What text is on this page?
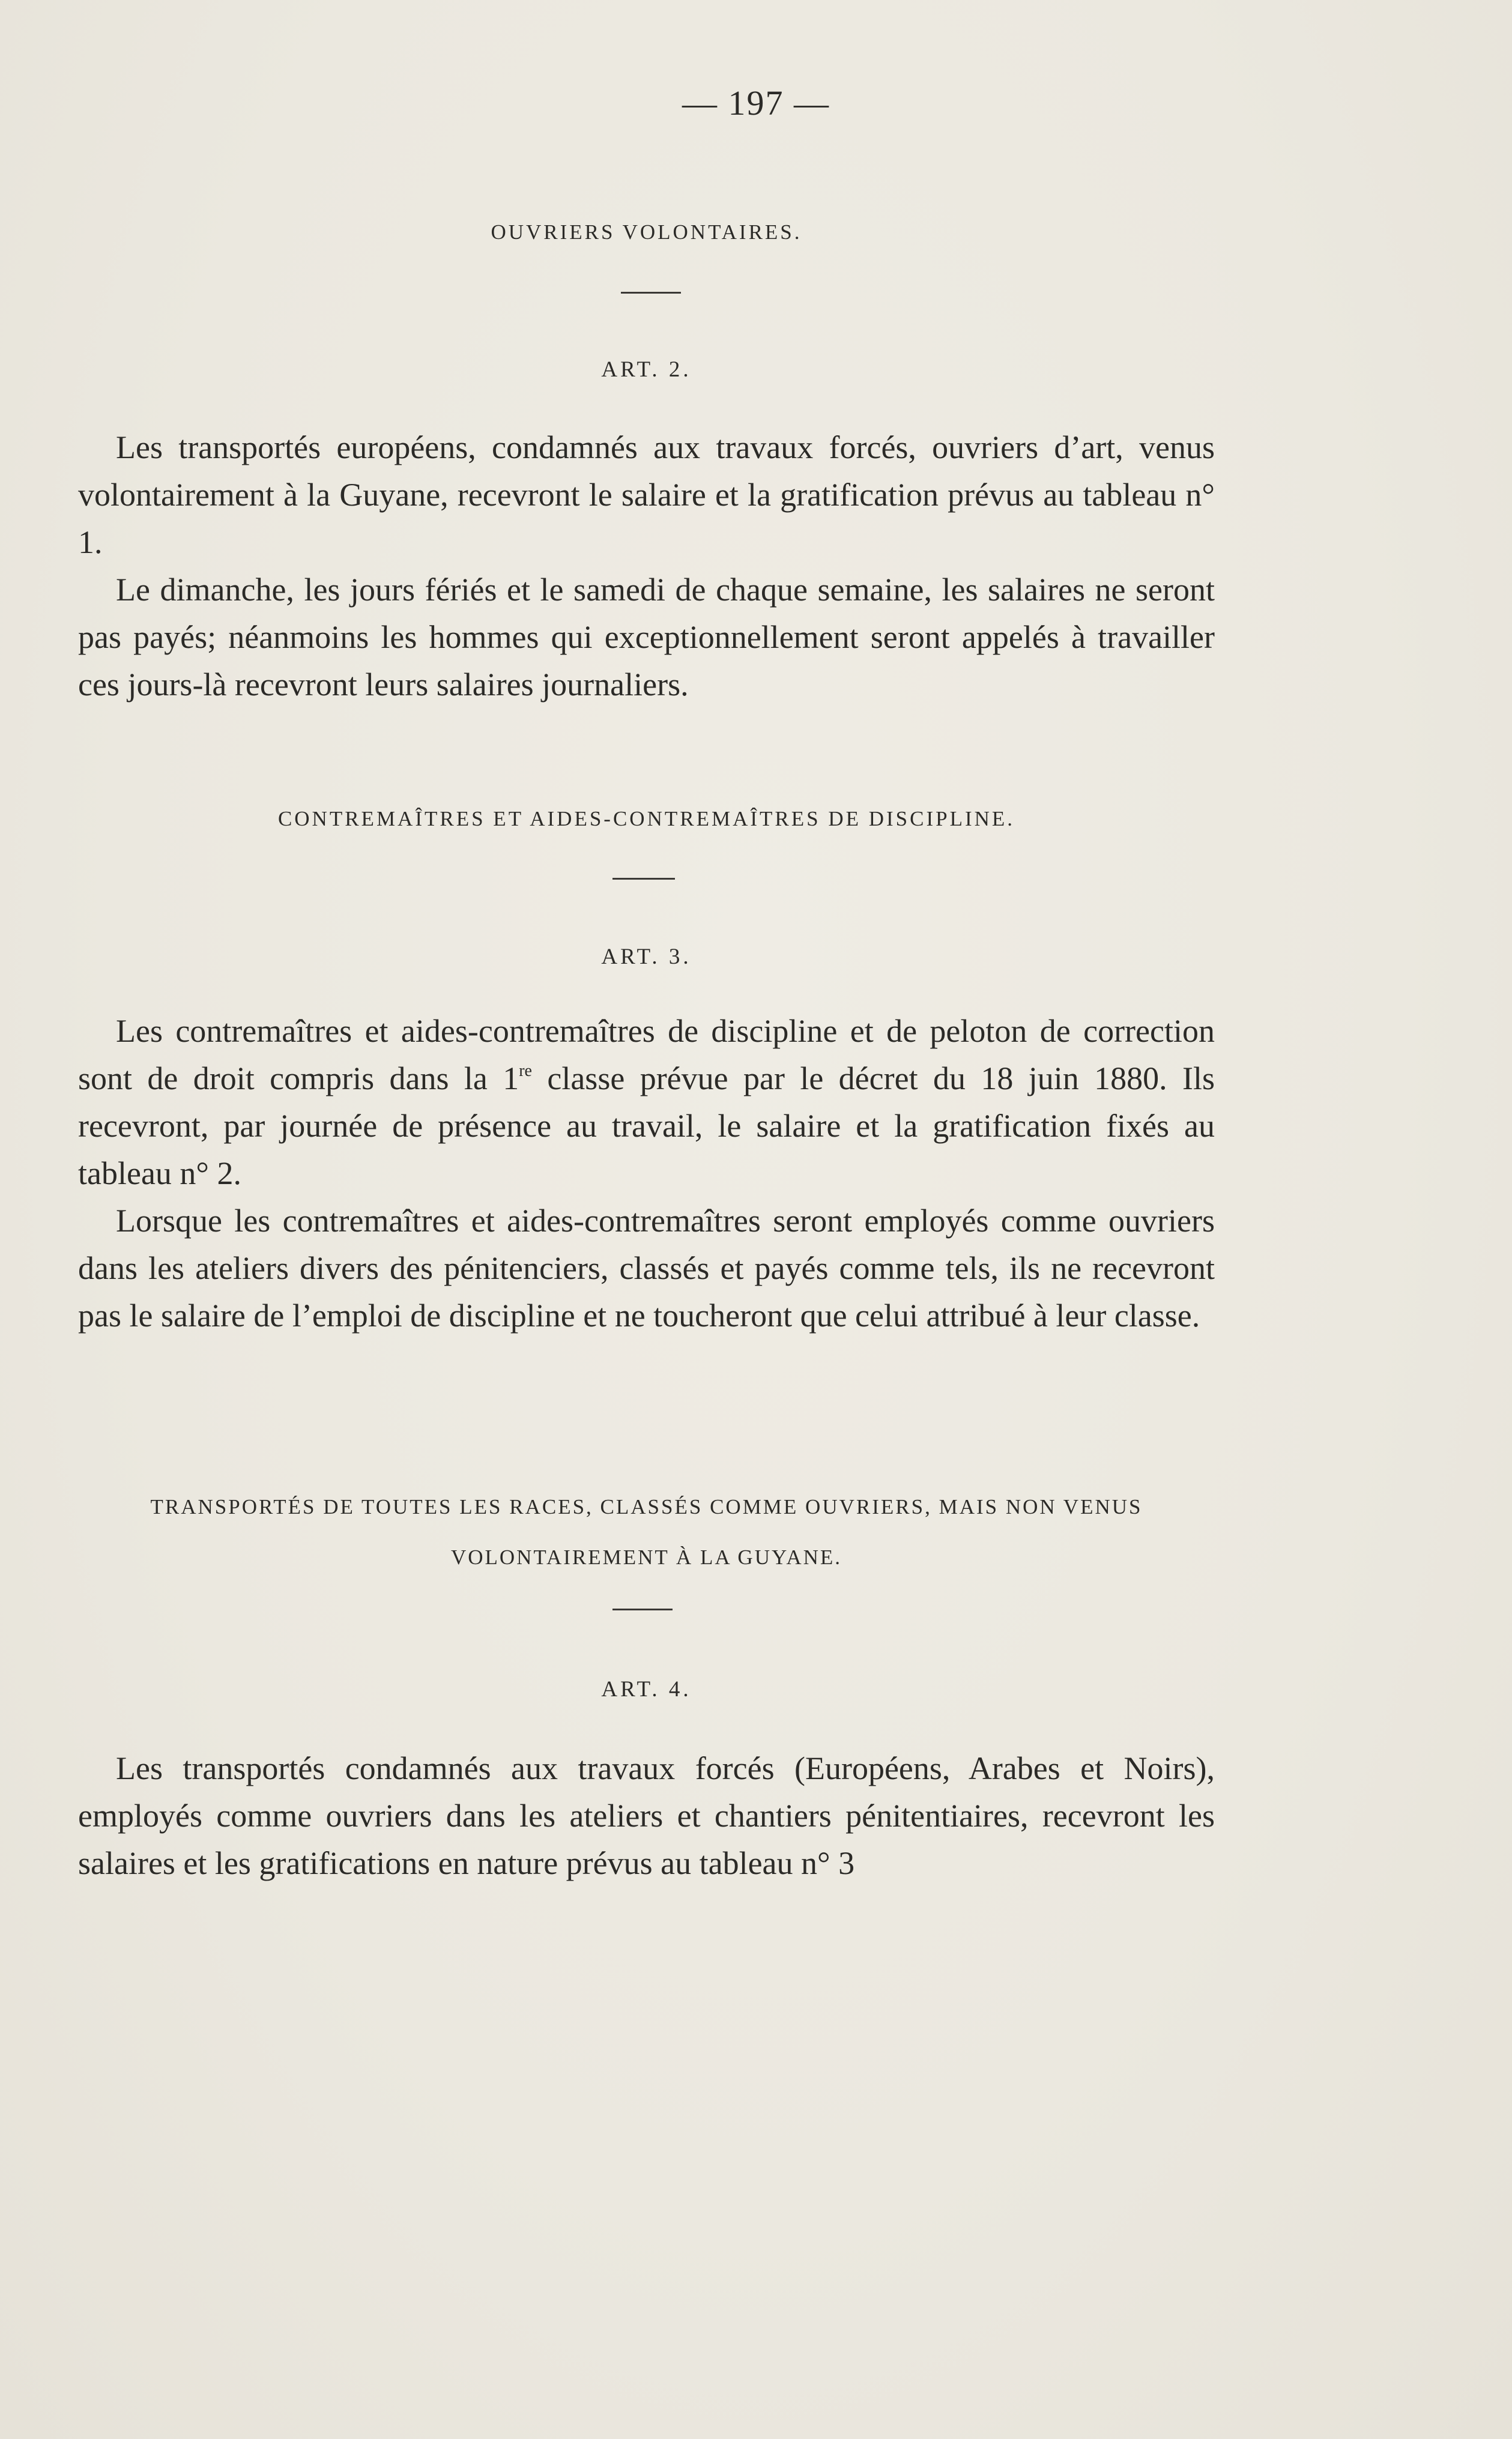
— 197 —
OUVRIERS VOLONTAIRES.
ART. 2.

Les transportés européens, condamnés aux travaux forcés, ouvriers d’art, venus volontairement à la Guyane, recevront le salaire et la gratification prévus au tableau n° 1.

Le dimanche, les jours fériés et le samedi de chaque semaine, les salaires ne seront pas payés; néanmoins les hommes qui exceptionnellement seront appelés à travailler ces jours-là recevront leurs salaires journaliers.

CONTREMAÎTRES ET AIDES-CONTREMAÎTRES DE DISCIPLINE.
ART. 3.

Les contremaîtres et aides-contremaîtres de discipline et de peloton de correction sont de droit compris dans la 1re classe prévue par le décret du 18 juin 1880. Ils recevront, par journée de présence au travail, le salaire et la gratification fixés au tableau n° 2.

Lorsque les contremaîtres et aides-contremaîtres seront employés comme ouvriers dans les ateliers divers des pénitenciers, classés et payés comme tels, ils ne recevront pas le salaire de l’emploi de discipline et ne toucheront que celui attribué à leur classe.

TRANSPORTÉS DE TOUTES LES RACES, CLASSÉS COMME OUVRIERS, MAIS NON VENUS
VOLONTAIREMENT À LA GUYANE.
ART. 4.

Les transportés condamnés aux travaux forcés (Européens, Arabes et Noirs), employés comme ouvriers dans les ateliers et chantiers pénitentiaires, recevront les salaires et les gratifications en nature prévus au tableau n° 3
